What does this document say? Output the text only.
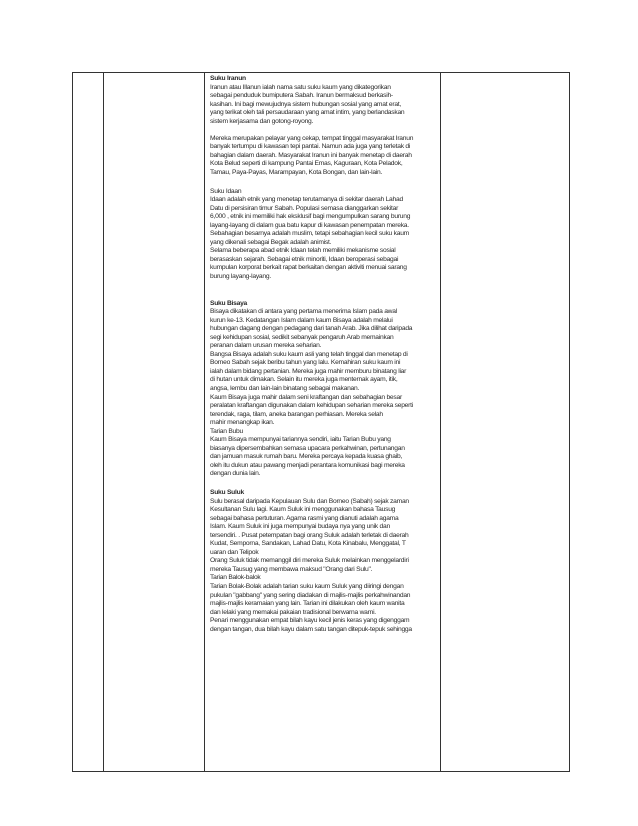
Suku Iranun
Iranun atau Illanun ialah nama satu suku kaum yang dikategorikan
sebagai penduduk bumiputera Sabah. Iranun bermaksud berkasih-
kasihan. Ini bagi mewujudnya sistem hubungan sosial yang amat erat,
yang terikat oleh tali persaudaraan yang amat intim, yang berlandaskan
sistem kerjasama dan gotong-royong.
Mereka merupakan pelayar yang cekap, tempat tinggal masyarakat Iranun
banyak tertumpu di kawasan tepi pantai. Namun ada juga yang terletak di
bahagian dalam daerah. Masyarakat Iranun ini banyak menetap di daerah
Kota Belud seperti di kampung Pantai Emas, Kaguraan, Kota Peladok,
Tamau, Paya-Payas, Marampayan, Kota Bongan, dan lain-lain.
Suku Idaan
Idaan adalah etnik yang menetap terutamanya di sekitar daerah Lahad
Datu di persisiran timur Sabah. Populasi semasa dianggarkan sekitar
6,000 , etnik ini memiliki hak eksklusif bagi mengumpulkan sarang burung
layang-layang di dalam gua batu kapur di kawasan penempatan mereka.
Sebahagian besarnya adalah muslim, tetapi sebahagian kecil suku kaum
yang dikenali sebagai Begak adalah animist.
Selama beberapa abad etnik Idaan telah memiliki mekanisme sosial
berasaskan sejarah. Sebagai etnik minoriti, Idaan beroperasi sebagai
kumpulan korporat berkait rapat berkaitan dengan aktiviti menuai sarang
burung layang-layang.
Suku Bisaya
Bisaya dikatakan di antara yang pertama menerima Islam pada awal
kurun ke-13. Kedatangan Islam dalam kaum Bisaya adalah melalui
hubungan dagang dengan pedagang dari tanah Arab. Jika dilihat daripada
segi kehidupan sosial, sedikit sebanyak pengaruh Arab memainkan
peranan dalam urusan mereka seharian.
Bangsa Bisaya adalah suku kaum asli yang telah tinggal dan menetap di
Borneo Sabah sejak beribu tahun yang lalu. Kemahiran suku kaum ini
ialah dalam bidang pertanian. Mereka juga mahir memburu binatang liar
di hutan untuk dimakan. Selain itu mereka juga menternak ayam, itik,
angsa, lembu dan lain-lain binatang sebagai makanan.
Kaum Bisaya juga mahir dalam seni kraftangan dan sebahagian besar
peralatan kraftangan digunakan dalam kehidupan seharian mereka seperti
terendak, raga, tilam, aneka barangan perhiasan. Mereka selah
mahir menangkap ikan.
Tarian Bubu
Kaum Bisaya mempunyai tariannya sendiri, iaitu Tarian Bubu yang
biasanya dipersembahkan semasa upacara perkahwinan, pertunangan
dan jamuan masuk rumah baru. Mereka percaya kepada kuasa ghaib,
oleh itu dukun atau pawang menjadi perantara komunikasi bagi mereka
dengan dunia lain.
Suku Suluk
Sulu berasal daripada Kepulauan Sulu dan Borneo (Sabah) sejak zaman
Kesultanan Sulu lagi. Kaum Suluk ini menggunakan bahasa Tausug
sebagai bahasa pertuturan. Agama rasmi yang dianuti adalah agama
Islam. Kaum Suluk ini juga mempunyai budaya nya yang unik dan
tersendiri. . Pusat petempatan bagi orang Suluk adalah terletak di daerah
Kudat, Semporna, Sandakan, Lahad Datu, Kota Kinabalu, Menggatal, T
uaran dan Telipok
Orang Suluk tidak memanggil diri mereka Suluk melainkan menggelardiri
mereka Tausug yang membawa maksud "Orang dari Sulu".
Tarian Balok-balok
Tarian Bolak-Bolak adalah tarian suku kaum Suluk yang diiringi dengan
pukulan "gabbang" yang sering diadakan di majlis-majlis perkahwinandan
majlis-majlis keramaian yang lain. Tarian ini dilakukan oleh kaum wanita
dan lelaki yang memakai pakaian tradisional berwarna warni.
Penari menggunakan empat bilah kayu kecil jenis keras yang digenggam
dengan tangan, dua bilah kayu dalam satu tangan ditepuk-tepuk sehingga
